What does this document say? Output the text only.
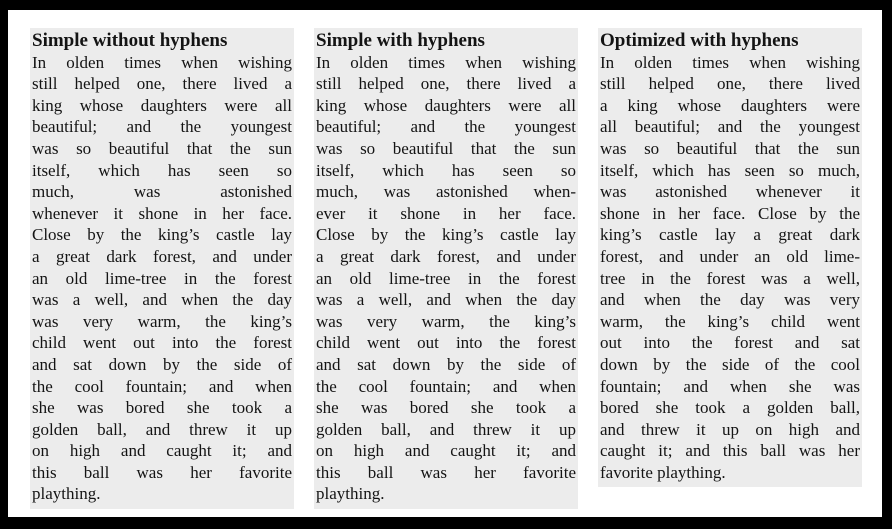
Simple without hyphens
In olden times when wishing
still helped one, there lived a
king whose daughters were all
beautiful; and the youngest
was so beautiful that the sun
itself, which has seen so
much, was astonished
whenever it shone in her face.
Close by the king’s castle lay
a great dark forest, and under
an old lime-tree in the forest
was a well, and when the day
was very warm, the king’s
child went out into the forest
and sat down by the side of
the cool fountain; and when
she was bored she took a
golden ball, and threw it up
on high and caught it; and
this ball was her favorite
plaything.
Simple with hyphens
In olden times when wishing
still helped one, there lived a
king whose daughters were all
beautiful; and the youngest
was so beautiful that the sun
itself, which has seen so
much, was astonished when-
ever it shone in her face.
Close by the king’s castle lay
a great dark forest, and under
an old lime-tree in the forest
was a well, and when the day
was very warm, the king’s
child went out into the forest
and sat down by the side of
the cool fountain; and when
she was bored she took a
golden ball, and threw it up
on high and caught it; and
this ball was her favorite
plaything.
Optimized with hyphens
In olden times when wishing
still helped one, there lived
a king whose daughters were
all beautiful; and the youngest
was so beautiful that the sun
itself, which has seen so much,
was astonished whenever it
shone in her face. Close by the
king’s castle lay a great dark
forest, and under an old lime-
tree in the forest was a well,
and when the day was very
warm, the king’s child went
out into the forest and sat
down by the side of the cool
fountain; and when she was
bored she took a golden ball,
and threw it up on high and
caught it; and this ball was her
favorite plaything.
